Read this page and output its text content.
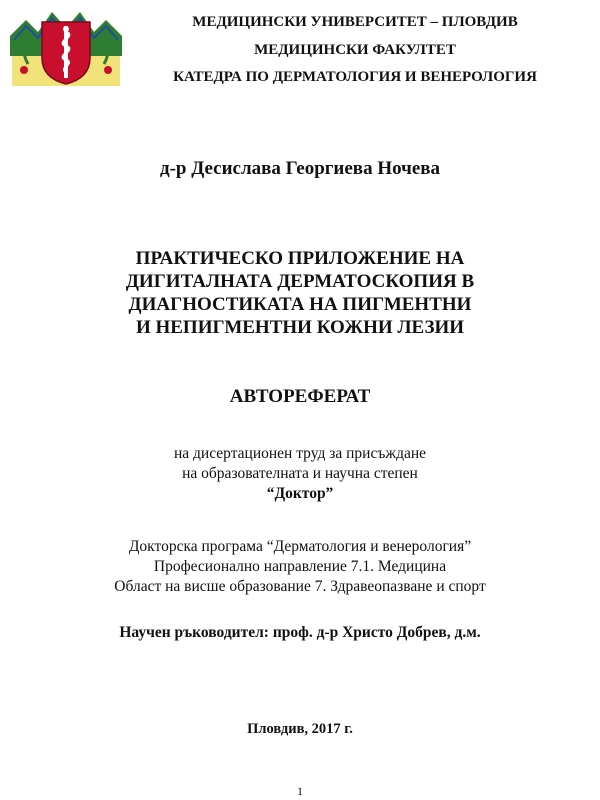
МЕДИЦИНСКИ УНИВЕРСИТЕТ – ПЛОВДИВ
МЕДИЦИНСКИ ФАКУЛТЕТ
КАТЕДРА ПО ДЕРМАТОЛОГИЯ И ВЕНЕРОЛОГИЯ
д-р Десислава Георгиева Ночева
ПРАКТИЧЕСКО ПРИЛОЖЕНИЕ НА
ДИГИТАЛНАТА ДЕРМАТОСКОПИЯ В
ДИАГНОСТИКАТА НА ПИГМЕНТНИ
И НЕПИГМЕНТНИ КОЖНИ ЛЕЗИИ
АВТОРЕФЕРАТ
на дисертационен труд за присъждане
на образователната и научна степен
“Доктор”
Докторска програма “Дерматология и венерология”
Професионално направление 7.1. Медицина
Област на висше образование 7. Здравеопазване и спорт
Научен ръководител: проф. д-р Христо Добрев, д.м.
Пловдив, 2017 г.
1
